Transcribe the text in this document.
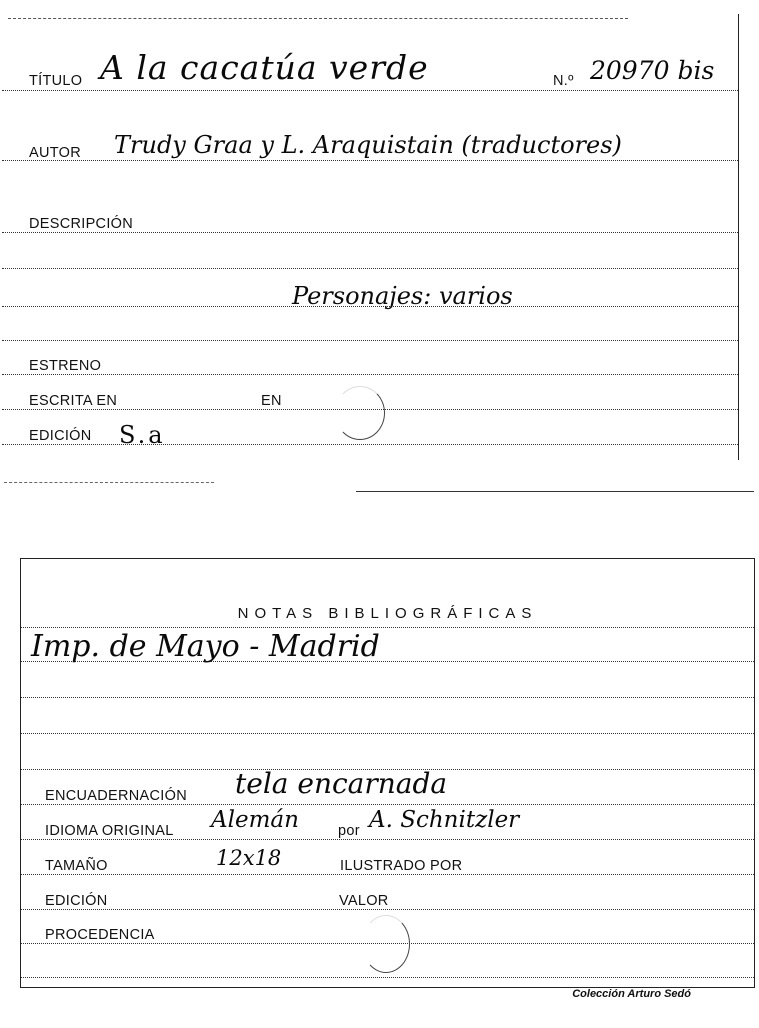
TÍTULO A la cacatúa verde	N.º 20970 bis
AUTOR Trudy Graa y L. Araquistain (traductores)
DESCRIPCIÓN
Personajes: varios
ESTRENO
ESCRITA EN	EN
EDICIÓN S.a
NOTAS BIBLIOGRÁFICAS
Imp. de Mayo - Madrid
ENCUADERNACIÓN tela encarnada
IDIOMA ORIGINAL Alemán	por A. Schnitzler
TAMAÑO	12x18	ILUSTRADO POR
EDICIÓN	VALOR
PROCEDENCIA
Colección Arturo Sedó
